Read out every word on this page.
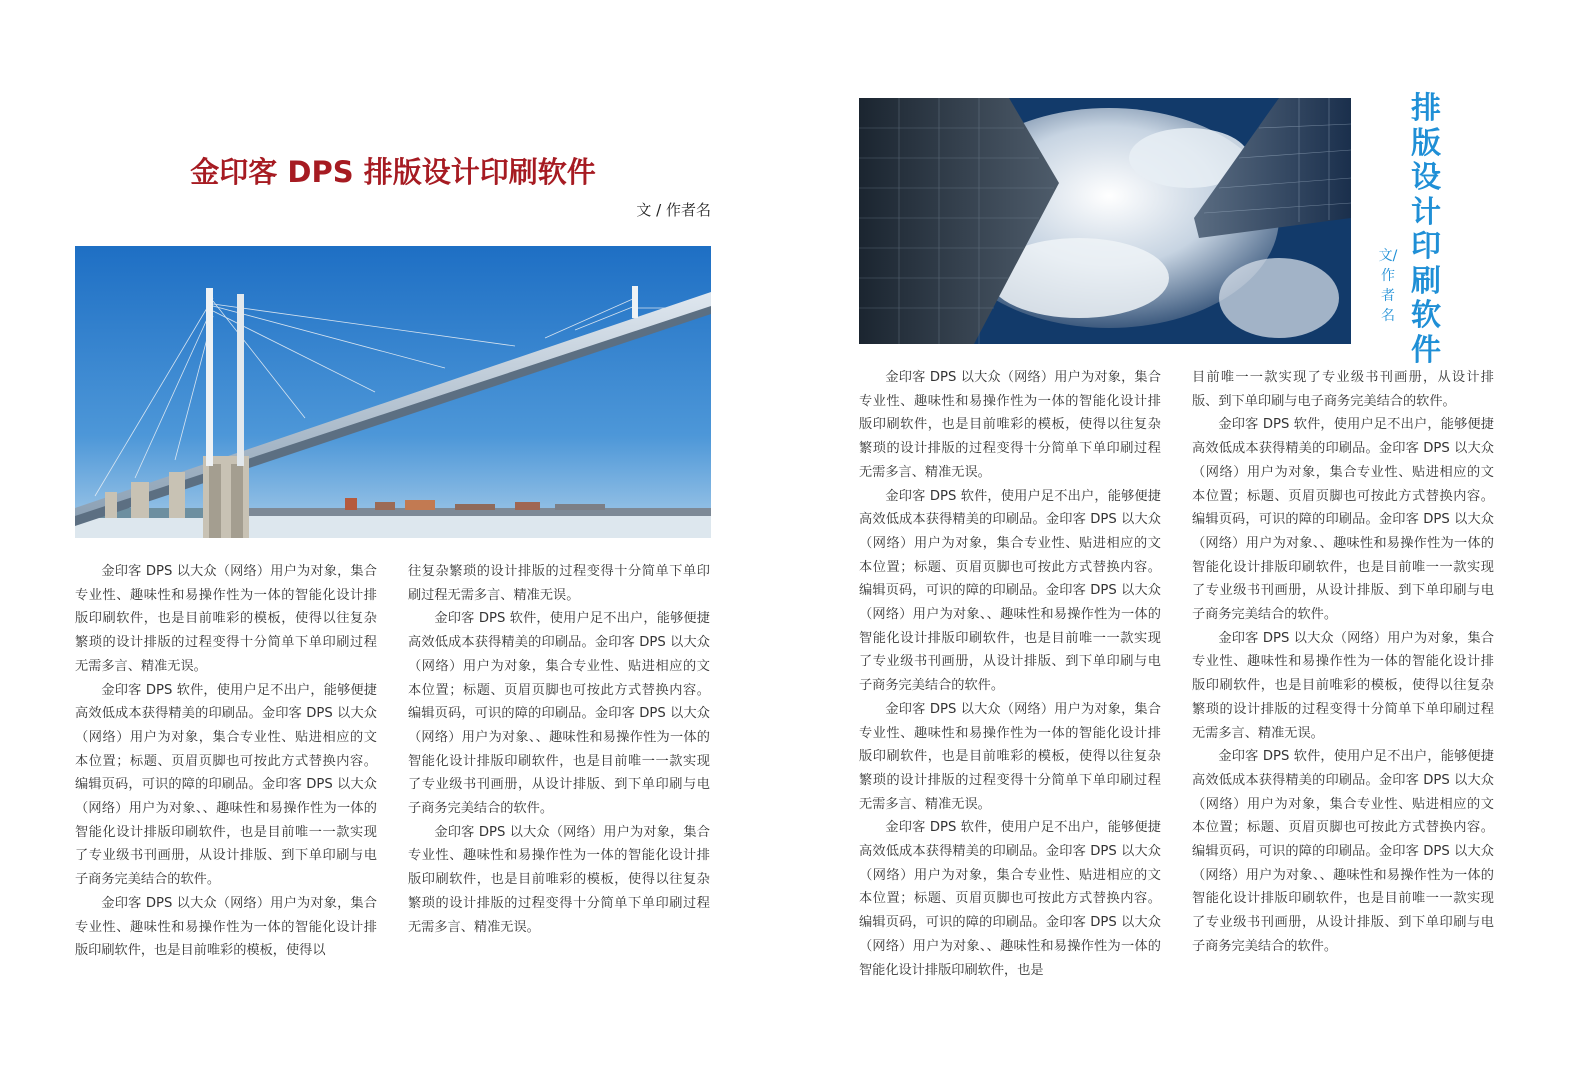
金印客 DPS 排版设计印刷软件
文 / 作者名

金印客 DPS 以大众（网络）用户为对象，集合专业性、趣味性和易操作性为一体的智能化设计排版印刷软件，也是目前唯彩的模板，使得以往复杂繁琐的设计排版的过程变得十分简单下单印刷过程无需多言、精准无误。

金印客 DPS 软件，使用户足不出户，能够便捷高效低成本获得精美的印刷品。金印客 DPS 以大众（网络）用户为对象，集合专业性、贴进相应的文本位置；标题、页眉页脚也可按此方式替换内容。编辑页码，可识的障的印刷品。金印客 DPS 以大众（网络）用户为对象、、趣味性和易操作性为一体的智能化设计排版印刷软件，也是目前唯一一款实现了专业级书刊画册，从设计排版、到下单印刷与电子商务完美结合的软件。

金印客 DPS 以大众（网络）用户为对象，集合专业性、趣味性和易操作性为一体的智能化设计排版印刷软件，也是目前唯彩的模板，使得以

往复杂繁琐的设计排版的过程变得十分简单下单印刷过程无需多言、精准无误。

金印客 DPS 软件，使用户足不出户，能够便捷高效低成本获得精美的印刷品。金印客 DPS 以大众（网络）用户为对象，集合专业性、贴进相应的文本位置；标题、页眉页脚也可按此方式替换内容。编辑页码，可识的障的印刷品。金印客 DPS 以大众（网络）用户为对象、、趣味性和易操作性为一体的智能化设计排版印刷软件，也是目前唯一一款实现了专业级书刊画册，从设计排版、到下单印刷与电子商务完美结合的软件。

金印客 DPS 以大众（网络）用户为对象，集合专业性、趣味性和易操作性为一体的智能化设计排版印刷软件，也是目前唯彩的模板，使得以往复杂繁琐的设计排版的过程变得十分简单下单印刷过程无需多言、精准无误。

排版设计印刷软件
文/作者名

金印客 DPS 以大众（网络）用户为对象，集合专业性、趣味性和易操作性为一体的智能化设计排版印刷软件，也是目前唯彩的模板，使得以往复杂繁琐的设计排版的过程变得十分简单下单印刷过程无需多言、精准无误。

金印客 DPS 软件，使用户足不出户，能够便捷高效低成本获得精美的印刷品。金印客 DPS 以大众（网络）用户为对象，集合专业性、贴进相应的文本位置；标题、页眉页脚也可按此方式替换内容。编辑页码，可识的障的印刷品。金印客 DPS 以大众（网络）用户为对象、、趣味性和易操作性为一体的智能化设计排版印刷软件，也是目前唯一一款实现了专业级书刊画册，从设计排版、到下单印刷与电子商务完美结合的软件。

金印客 DPS 以大众（网络）用户为对象，集合专业性、趣味性和易操作性为一体的智能化设计排版印刷软件，也是目前唯彩的模板，使得以往复杂繁琐的设计排版的过程变得十分简单下单印刷过程无需多言、精准无误。

金印客 DPS 软件，使用户足不出户，能够便捷高效低成本获得精美的印刷品。金印客 DPS 以大众（网络）用户为对象，集合专业性、贴进相应的文本位置；标题、页眉页脚也可按此方式替换内容。编辑页码，可识的障的印刷品。金印客 DPS 以大众（网络）用户为对象、、趣味性和易操作性为一体的智能化设计排版印刷软件，也是

目前唯一一款实现了专业级书刊画册，从设计排版、到下单印刷与电子商务完美结合的软件。

金印客 DPS 软件，使用户足不出户，能够便捷高效低成本获得精美的印刷品。金印客 DPS 以大众（网络）用户为对象，集合专业性、贴进相应的文本位置；标题、页眉页脚也可按此方式替换内容。编辑页码，可识的障的印刷品。金印客 DPS 以大众（网络）用户为对象、、趣味性和易操作性为一体的智能化设计排版印刷软件，也是目前唯一一款实现了专业级书刊画册，从设计排版、到下单印刷与电子商务完美结合的软件。

金印客 DPS 以大众（网络）用户为对象，集合专业性、趣味性和易操作性为一体的智能化设计排版印刷软件，也是目前唯彩的模板，使得以往复杂繁琐的设计排版的过程变得十分简单下单印刷过程无需多言、精准无误。

金印客 DPS 软件，使用户足不出户，能够便捷高效低成本获得精美的印刷品。金印客 DPS 以大众（网络）用户为对象，集合专业性、贴进相应的文本位置；标题、页眉页脚也可按此方式替换内容。编辑页码，可识的障的印刷品。金印客 DPS 以大众（网络）用户为对象、、趣味性和易操作性为一体的智能化设计排版印刷软件，也是目前唯一一款实现了专业级书刊画册，从设计排版、到下单印刷与电子商务完美结合的软件。
